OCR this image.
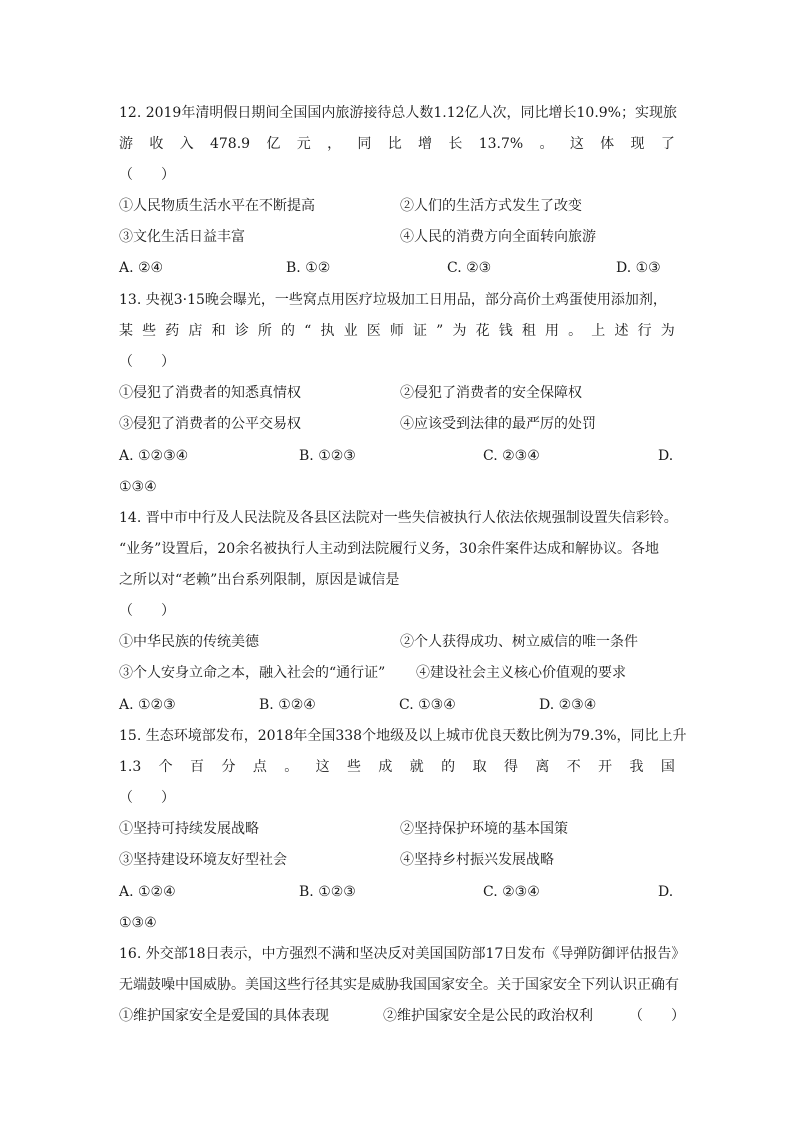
12. 2019年清明假日期间全国国内旅游接待总人数1.12亿人次，同比增长10.9%；实现旅
游 收 入 478.9 亿 元 ， 同 比 增 长 13.7% 。 这 体 现 了
（　　）
①人民物质生活水平在不断提高	②人们的生活方式发生了改变
③文化生活日益丰富	④人民的消费方向全面转向旅游
A. ②④	B. ①②	C. ②③	D. ①③
13. 央视3·15晚会曝光，一些窝点用医疗垃圾加工日用品，部分高价土鸡蛋使用添加剂，
某 些 药 店 和 诊 所 的 “ 执 业 医 师 证 ” 为 花 钱 租 用 。 上 述 行 为
（　　）
①侵犯了消费者的知悉真情权	②侵犯了消费者的安全保障权
③侵犯了消费者的公平交易权	④应该受到法律的最严厉的处罚
A. ①②③④	B. ①②③	C. ②③④	D.
①③④
14. 晋中市中行及人民法院及各县区法院对一些失信被执行人依法依规强制设置失信彩铃。
“业务”设置后，20余名被执行人主动到法院履行义务，30余件案件达成和解协议。各地
之所以对“老赖”出台系列限制，原因是诚信是
（　　）
①中华民族的传统美德	②个人获得成功、树立威信的唯一条件
③个人安身立命之本，融入社会的“通行证” ④建设社会主义核心价值观的要求
A. ①②③	B. ①②④	C. ①③④	D. ②③④
15. 生态环境部发布，2018年全国338个地级及以上城市优良天数比例为79.3%，同比上升
1.3 个 百 分 点 。 这 些 成 就 的 取 得 离 不 开 我 国
（　　）
①坚持可持续发展战略	②坚持保护环境的基本国策
③坚持建设环境友好型社会	④坚持乡村振兴发展战略
A. ①②④	B. ①②③	C. ②③④	D.
①③④
16. 外交部18日表示，中方强烈不满和坚决反对美国国防部17日发布《导弹防御评估报告》
无端鼓噪中国威胁。美国这些行径其实是威胁我国国家安全。关于国家安全下列认识正确有
①维护国家安全是爱国的具体表现	②维护国家安全是公民的政治权利	（　　）
